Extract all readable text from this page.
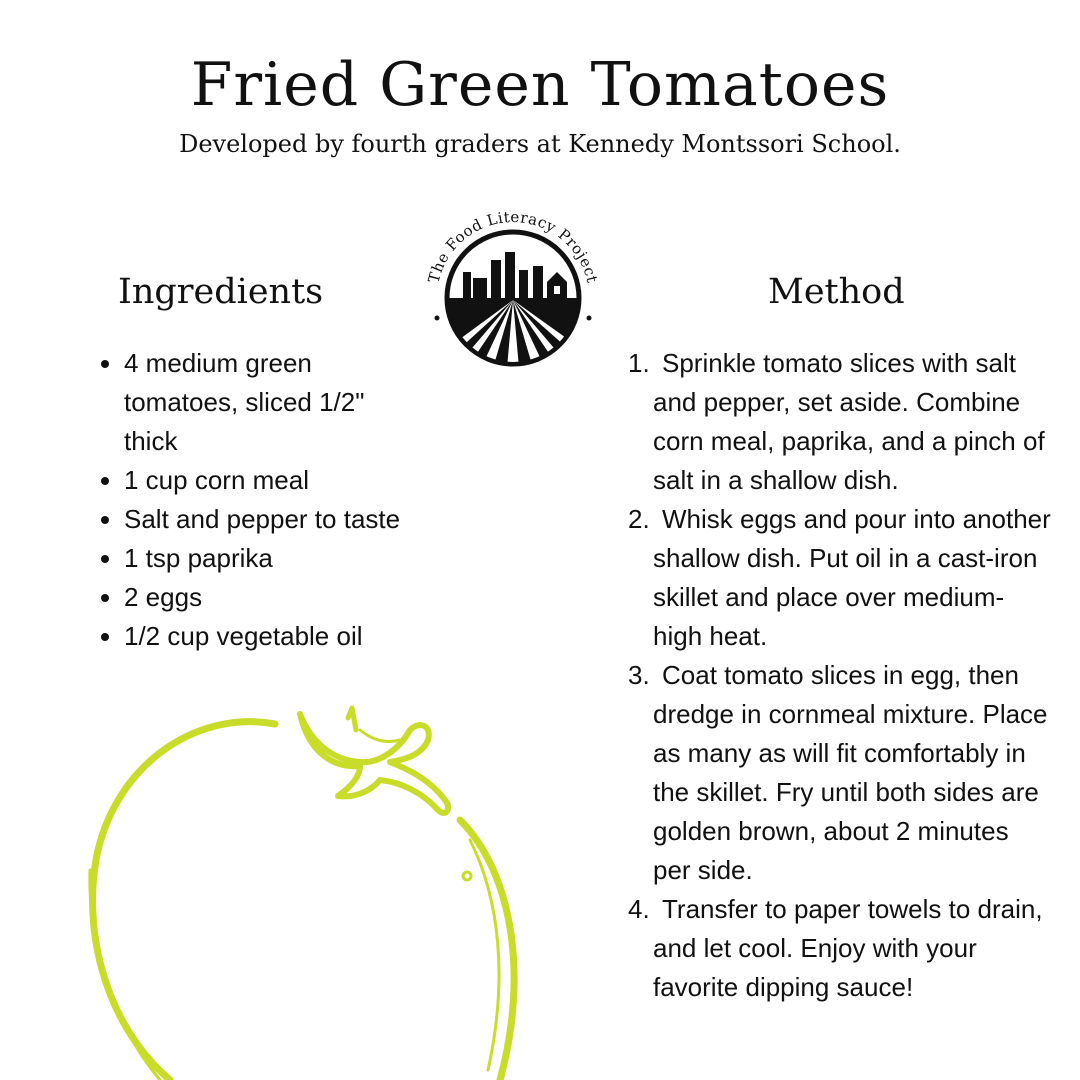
Fried Green Tomatoes

Developed by fourth graders at Kennedy Montssori School.

The Food Literacy Project
Ingredients	Method
• 4 medium green tomatoes, sliced 1/2" thick
• 1 cup corn meal
• Salt and pepper to taste
• 1 tsp paprika
• 2 eggs
• 1/2 cup vegetable oil
1. Sprinkle tomato slices with salt and pepper, set aside. Combine corn meal, paprika, and a pinch of salt in a shallow dish.
2. Whisk eggs and pour into another shallow dish. Put oil in a cast-iron skillet and place over medium-high heat.
3. Coat tomato slices in egg, then dredge in cornmeal mixture. Place as many as will fit comfortably in the skillet. Fry until both sides are golden brown, about 2 minutes per side.
4. Transfer to paper towels to drain, and let cool. Enjoy with your favorite dipping sauce!
